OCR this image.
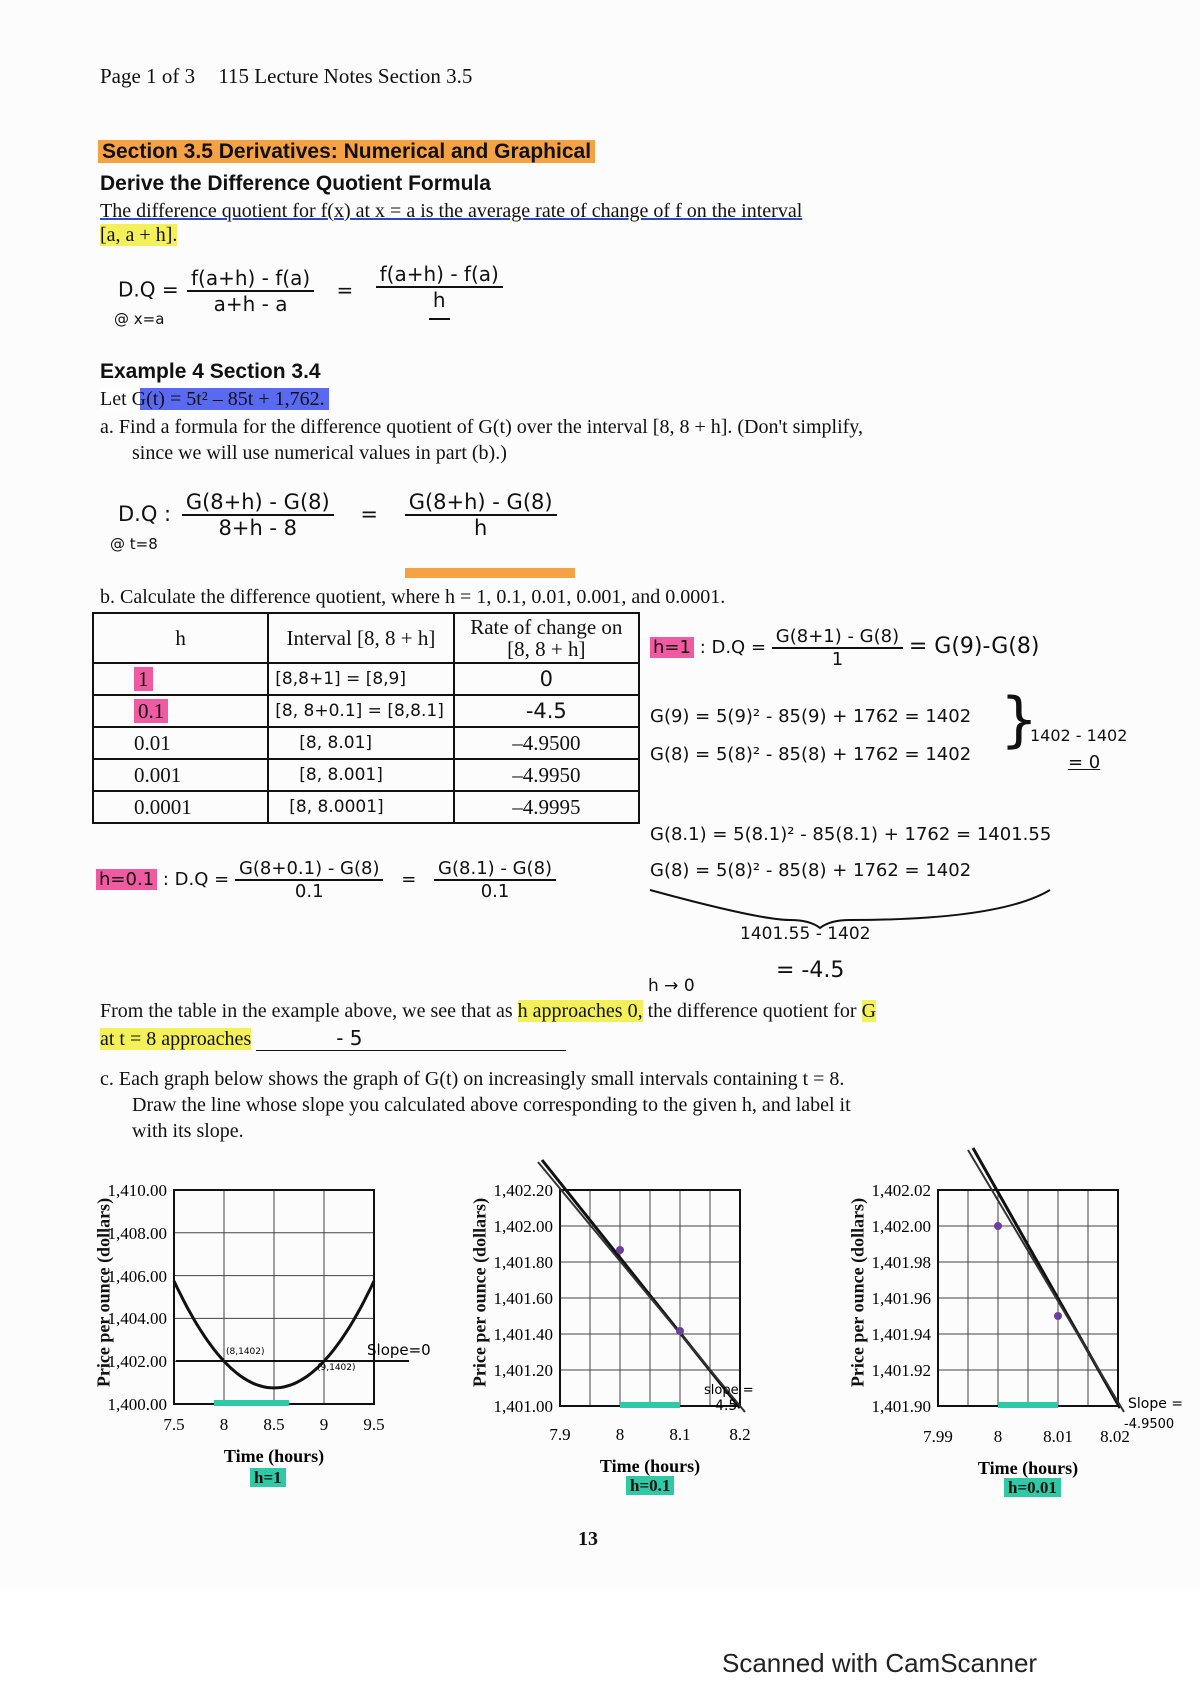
Page 1 of 3 115 Lecture Notes Section 3.5
Section 3.5 Derivatives: Numerical and Graphical
Derive the Difference Quotient Formula
The difference quotient for f(x) at x = a is the average rate of change of f on the interval
[a, a + h].
$D.Q = \frac{f(a+h) - f(a)}{a+h - a} = \frac{f(a+h) - f(a)}{h}$
@ x=a
Example 4 Section 3.4
Let G(t) = 5t² – 85t + 1,762.
a. Find a formula for the difference quotient of G(t) over the interval [8, 8 + h]. (Don't simplify,
since we will use numerical values in part (b).)
D.Q : $\frac{G(8+h) - G(8)}{8+h - 8} = \frac{G(8+h) - G(8)}{h}$
@ t=8
b. Calculate the difference quotient, where h = 1, 0.1, 0.01, 0.001, and 0.0001.
h	Interval [8, 8 + h]	Rate of change on [8, 8 + h]
1	[8,8+1] = [8,9]	0
0.1	[8, 8+0.1] = [8,8.1]	-4.5
0.01	[8, 8.01]	–4.9500
0.001	[8, 8.001]	–4.9950
0.0001	[8, 8.0001]	–4.9995
h=1 : $D.Q = \frac{G(8+1) - G(8)}{1} = G(9)-G(8)$
G(9) = 5(9)² - 85(9) + 1762 = 1402
G(8) = 5(8)² - 85(8) + 1762 = 1402 }
1402 - 1402
= 0
h=0.1 : $D.Q = \frac{G(8+0.1) - G(8)}{0.1} = \frac{G(8.1) - G(8)}{0.1}$
G(8.1) = 5(8.1)² - 85(8.1) + 1762 = 1401.55
G(8) = 5(8)² - 85(8) + 1762 = 1402
1401.55 - 1402
= -4.5
h → 0
From the table in the example above, we see that as h approaches 0, the difference quotient for G
at t = 8 approaches	- 5
c. Each graph below shows the graph of G(t) on increasingly small intervals containing t = 8.
Draw the line whose slope you calculated above corresponding to the given h, and label it
with its slope.
Price per ounce (dollars)
1,410.00
1,408.00
1,406.00
1,404.00
1,402.00
1,400.00
7.5 8 8.5 9 9.5
(8,1402)
(9,1402)
Slope=0
Time (hours)
h=1
Price per ounce (dollars)
1,402.20
1,402.00
1,401.80
1,401.60
1,401.40
1,401.20
1,401.00
7.9	8	8.1 8.2
slope =
-4.5
Time (hours)
h=0.1
Price per ounce (dollars)
1,402.02
1,402.00
1,401.98
1,401.96
1,401.94
1,401.92
1,401.90
7.99 8 8.01 8.02
Slope =
-4.9500
Time (hours)
h=0.01
13
Scanned with CamScanner
